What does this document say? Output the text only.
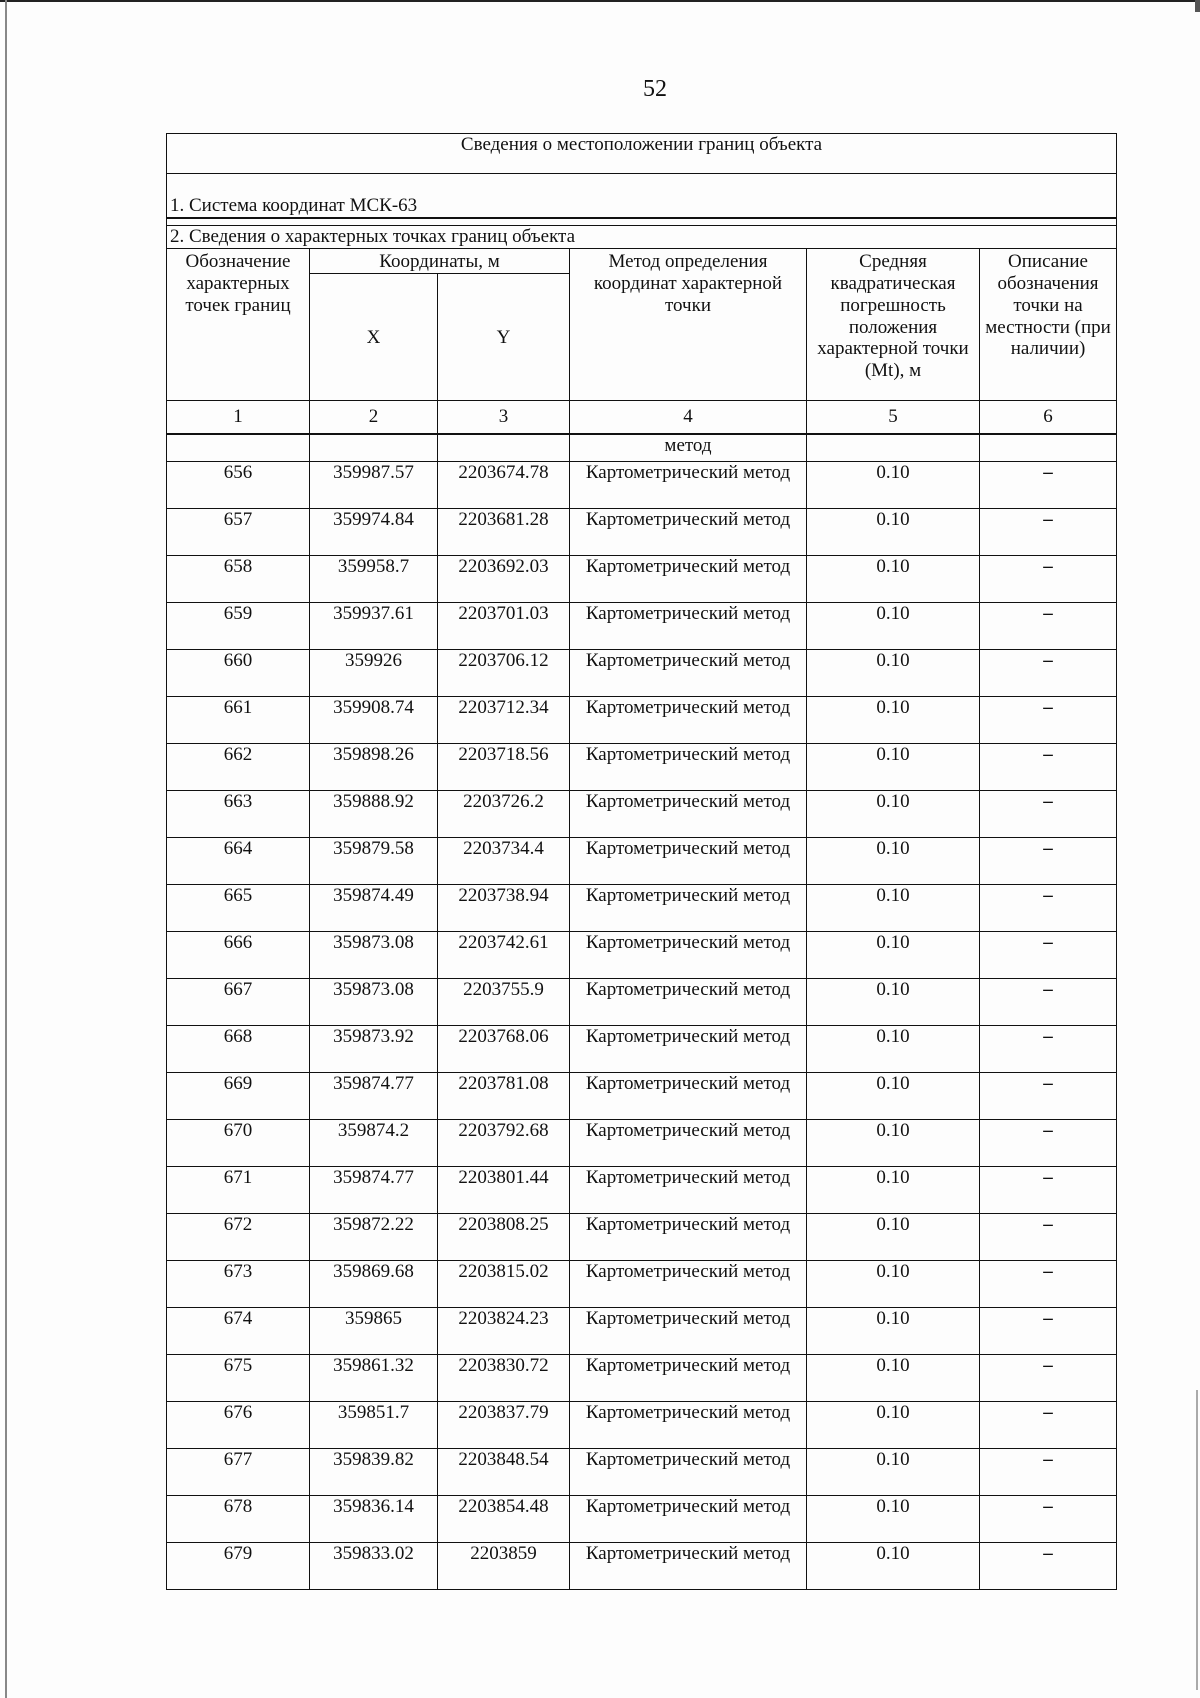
52
Сведения о местоположении границ объекта					
1. Система координат МСК-63					

2. Сведения о характерных точках границ объекта					
Обозначение характерных точек границ	Координаты, м		Метод определения координат характерной точки	Средняя квадратическая погрешность положения характерной точки (Mt), м	Описание обозначения точки на местности (при наличии)
	X	Y			
1	2	3	4	5	6
			метод		
656	359987.57	2203674.78	Картометрический метод	0.10	–
657	359974.84	2203681.28	Картометрический метод	0.10	–
658	359958.7	2203692.03	Картометрический метод	0.10	–
659	359937.61	2203701.03	Картометрический метод	0.10	–
660	359926	2203706.12	Картометрический метод	0.10	–
661	359908.74	2203712.34	Картометрический метод	0.10	–
662	359898.26	2203718.56	Картометрический метод	0.10	–
663	359888.92	2203726.2	Картометрический метод	0.10	–
664	359879.58	2203734.4	Картометрический метод	0.10	–
665	359874.49	2203738.94	Картометрический метод	0.10	–
666	359873.08	2203742.61	Картометрический метод	0.10	–
667	359873.08	2203755.9	Картометрический метод	0.10	–
668	359873.92	2203768.06	Картометрический метод	0.10	–
669	359874.77	2203781.08	Картометрический метод	0.10	–
670	359874.2	2203792.68	Картометрический метод	0.10	–
671	359874.77	2203801.44	Картометрический метод	0.10	–
672	359872.22	2203808.25	Картометрический метод	0.10	–
673	359869.68	2203815.02	Картометрический метод	0.10	–
674	359865	2203824.23	Картометрический метод	0.10	–
675	359861.32	2203830.72	Картометрический метод	0.10	–
676	359851.7	2203837.79	Картометрический метод	0.10	–
677	359839.82	2203848.54	Картометрический метод	0.10	–
678	359836.14	2203854.48	Картометрический метод	0.10	–
679	359833.02	2203859	Картометрический метод	0.10	–
